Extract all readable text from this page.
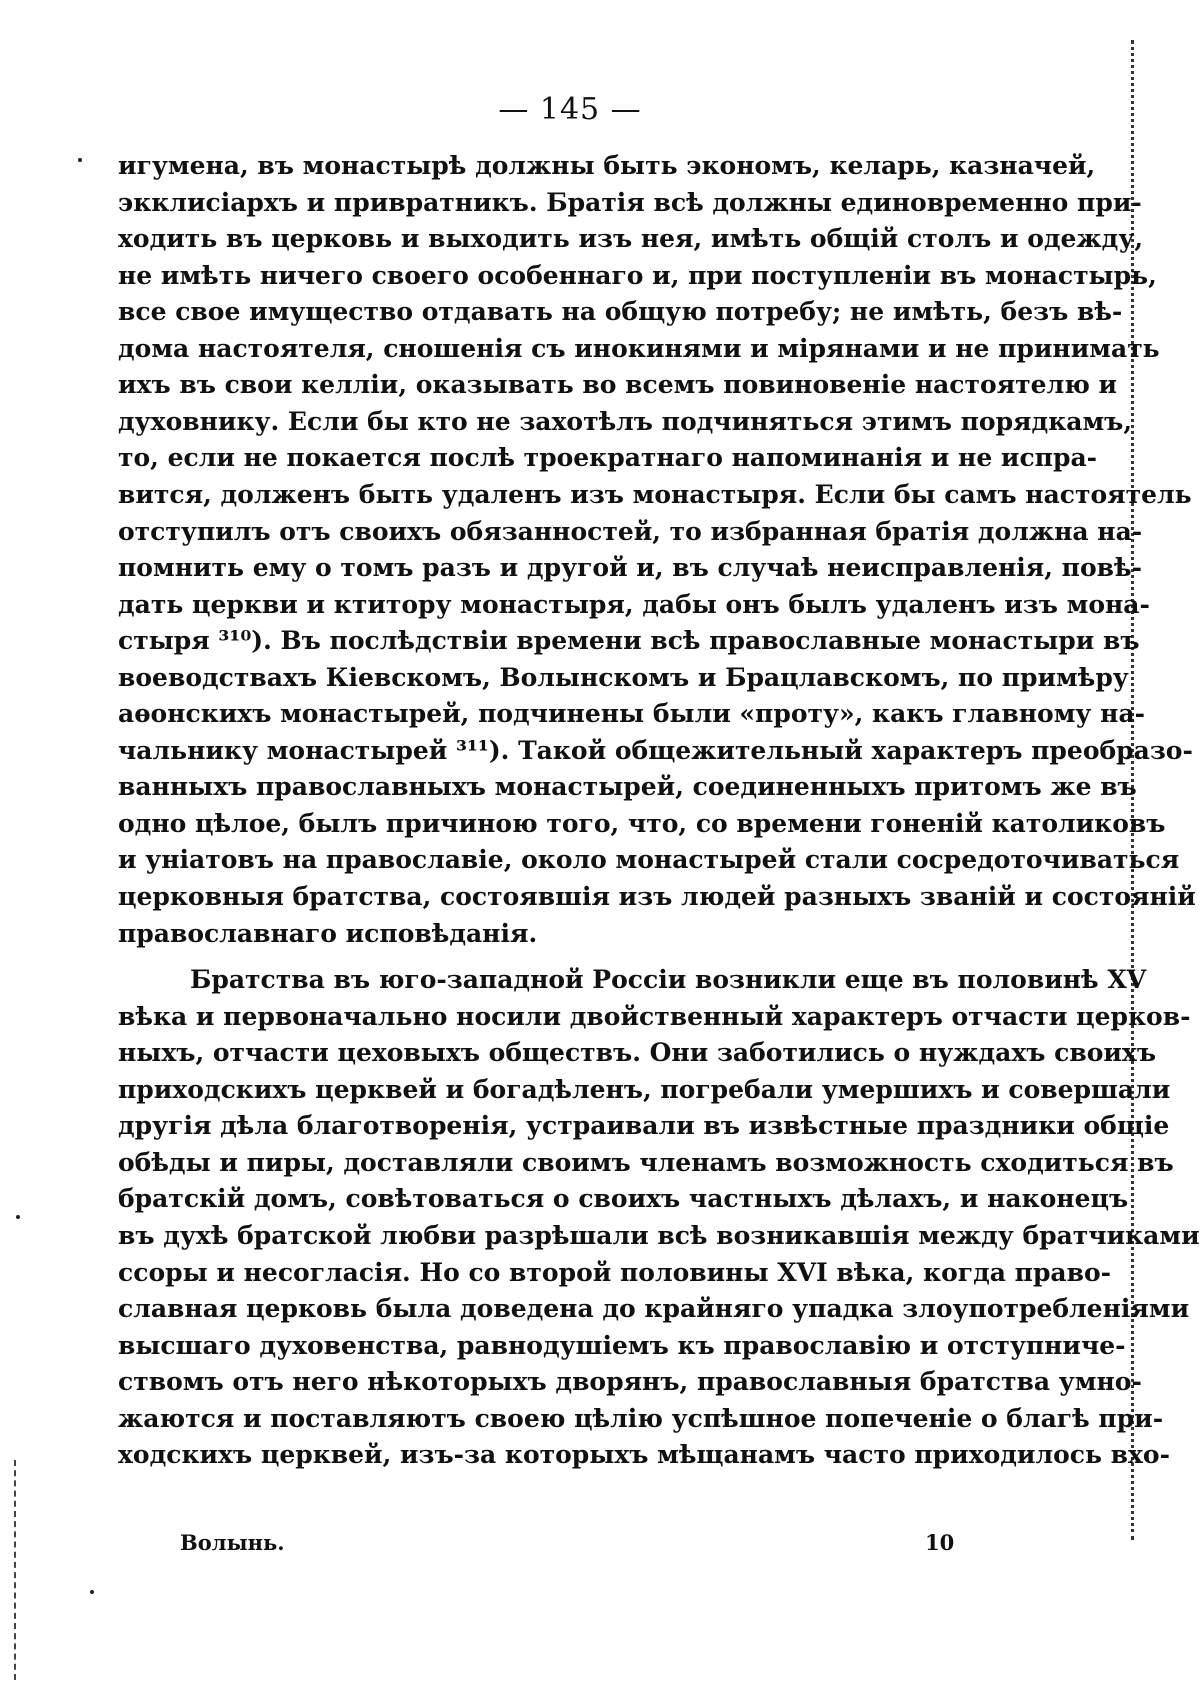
— 145 —
игумена, въ монастырѣ должны быть экономъ, келарь, казначей,
экклисіархъ и привратникъ. Братія всѣ должны единовременно при-
ходить въ церковь и выходить изъ нея, имѣть общій столъ и одежду,
не имѣть ничего своего особеннаго и, при поступленіи въ монастырь,
все свое имущество отдавать на общую потребу; не имѣть, безъ вѣ-
дома настоятеля, сношенія съ инокинями и мірянами и не принимать
ихъ въ свои келліи, оказывать во всемъ повиновеніе настоятелю и
духовнику. Если бы кто не захотѣлъ подчиняться этимъ порядкамъ,
то, если не покается послѣ троекратнаго напоминанія и не испра-
вится, долженъ быть удаленъ изъ монастыря. Если бы самъ настоятель
отступилъ отъ своихъ обязанностей, то избранная братія должна на-
помнить ему о томъ разъ и другой и, въ случаѣ неисправленія, повѣ-
дать церкви и ктитору монастыря, дабы онъ былъ удаленъ изъ мона-
стыря ³¹⁰). Въ послѣдствіи времени всѣ православные монастыри въ
воеводствахъ Кіевскомъ, Волынскомъ и Брацлавскомъ, по примѣру
аѳонскихъ монастырей, подчинены были «проту», какъ главному на-
чальнику монастырей ³¹¹). Такой общежительный характеръ преобразо-
ванныхъ православныхъ монастырей, соединенныхъ притомъ же въ
одно цѣлое, былъ причиною того, что, со времени гоненій католиковъ
и уніатовъ на православіе, около монастырей стали сосредоточиваться
церковныя братства, состоявшія изъ людей разныхъ званій и состояній
православнаго исповѣданія.
Братства въ юго-западной Россіи возникли еще въ половинѣ XV
вѣка и первоначально носили двойственный характеръ отчасти церков-
ныхъ, отчасти цеховыхъ обществъ. Они заботились о нуждахъ своихъ
приходскихъ церквей и богадѣленъ, погребали умершихъ и совершали
другія дѣла благотворенія, устраивали въ извѣстные праздники общіе
обѣды и пиры, доставляли своимъ членамъ возможность сходиться въ
братскій домъ, совѣтоваться о своихъ частныхъ дѣлахъ, и наконецъ
въ духѣ братской любви разрѣшали всѣ возникавшія между братчиками
ссоры и несогласія. Но со второй половины XVI вѣка, когда право-
славная церковь была доведена до крайняго упадка злоупотребленіями
высшаго духовенства, равнодушіемъ къ православію и отступниче-
ствомъ отъ него нѣкоторыхъ дворянъ, православныя братства умно-
жаются и поставляютъ своею цѣлію успѣшное попеченіе о благѣ при-
ходскихъ церквей, изъ-за которыхъ мѣщанамъ часто приходилось вхо-
Волынь.	10
